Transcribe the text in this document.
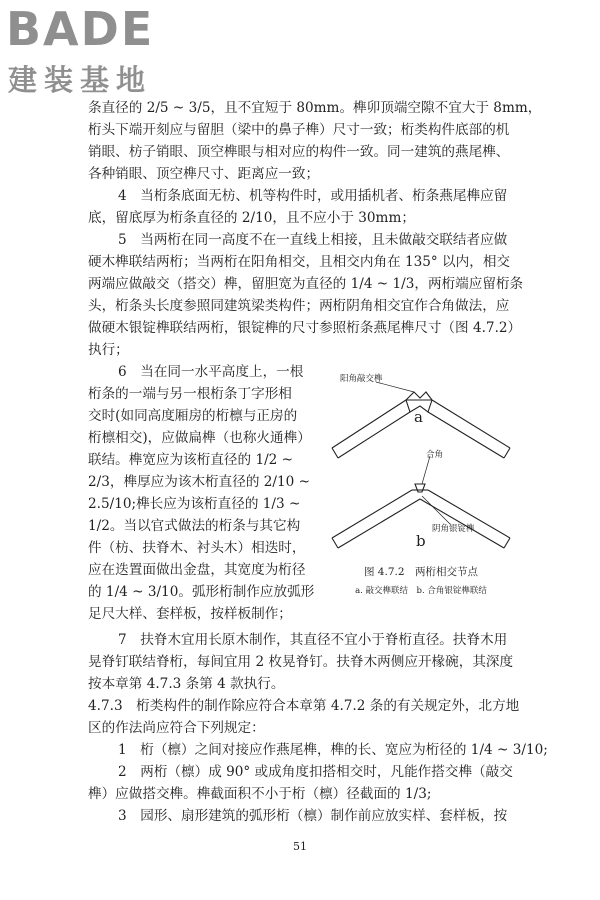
BADE
建装基地
条直径的 2/5 ~ 3/5，且不宜短于 80mm。榫卯顶端空隙不宜大于 8mm，
桁头下端开刻应与留胆（梁中的鼻子榫）尺寸一致；桁类构件底部的机
销眼、枋子销眼、顶空榫眼与相对应的构件一致。同一建筑的燕尾榫、
各种销眼、顶空榫尺寸、距离应一致；
4　当桁条底面无枋、机等构件时，或用插机者、桁条燕尾榫应留
底，留底厚为桁条直径的 2/10，且不应小于 30mm；
5　当两桁在同一高度不在一直线上相接，且未做敲交联结者应做
硬木榫联结两桁；当两桁在阳角相交，且相交内角在 135° 以内，相交
两端应做敲交（搭交）榫，留胆宽为直径的 1/4 ~ 1/3，两桁端应留桁条
头，桁条头长度参照同建筑梁类构件；两桁阴角相交宜作合角做法，应
做硬木银锭榫联结两桁，银锭榫的尺寸参照桁条燕尾榫尺寸（图 4.7.2）
执行；
6　当在同一水平高度上，一根
桁条的一端与另一根桁条丁字形相
交时(如同高度厢房的桁檩与正房的
桁檩相交)，应做扁榫（也称火通榫）
联结。榫宽应为该桁直径的 1/2 ~
2/3，榫厚应为该木桁直径的 2/10 ~
2.5/10;榫长应为该桁直径的 1/3 ~
1/2。当以官式做法的桁条与其它构
件（枋、扶脊木、衬头木）相迭时，
应在迭置面做出金盘，其宽度为桁径
的 1/4 ~ 3/10。弧形桁制作应放弧形
足尺大样、套样板，按样板制作；
7　扶脊木宜用长原木制作，其直径不宜小于脊桁直径。扶脊木用
晃脊钉联结脊桁，每间宜用 2 枚晃脊钉。扶脊木两侧应开椽碗，其深度
按本章第 4.7.3 条第 4 款执行。
4.7.3　桁类构件的制作除应符合本章第 4.7.2 条的有关规定外，北方地
区的作法尚应符合下列规定：
1　桁（檩）之间对接应作燕尾榫，榫的长、宽应为桁径的 1/4 ~ 3/10;
2　两桁（檩）成 90° 或成角度扣搭相交时，凡能作搭交榫（敲交
榫）应做搭交榫。榫截面积不小于桁（檩）径截面的 1/3;
3　园形、扇形建筑的弧形桁（檩）制作前应放实样、套样板，按
阳角敲交榫
a
合角
阴角银锭榫
b
图 4.7.2　两桁相交节点
a. 敲交榫联结　b. 合角银锭榫联结
51
